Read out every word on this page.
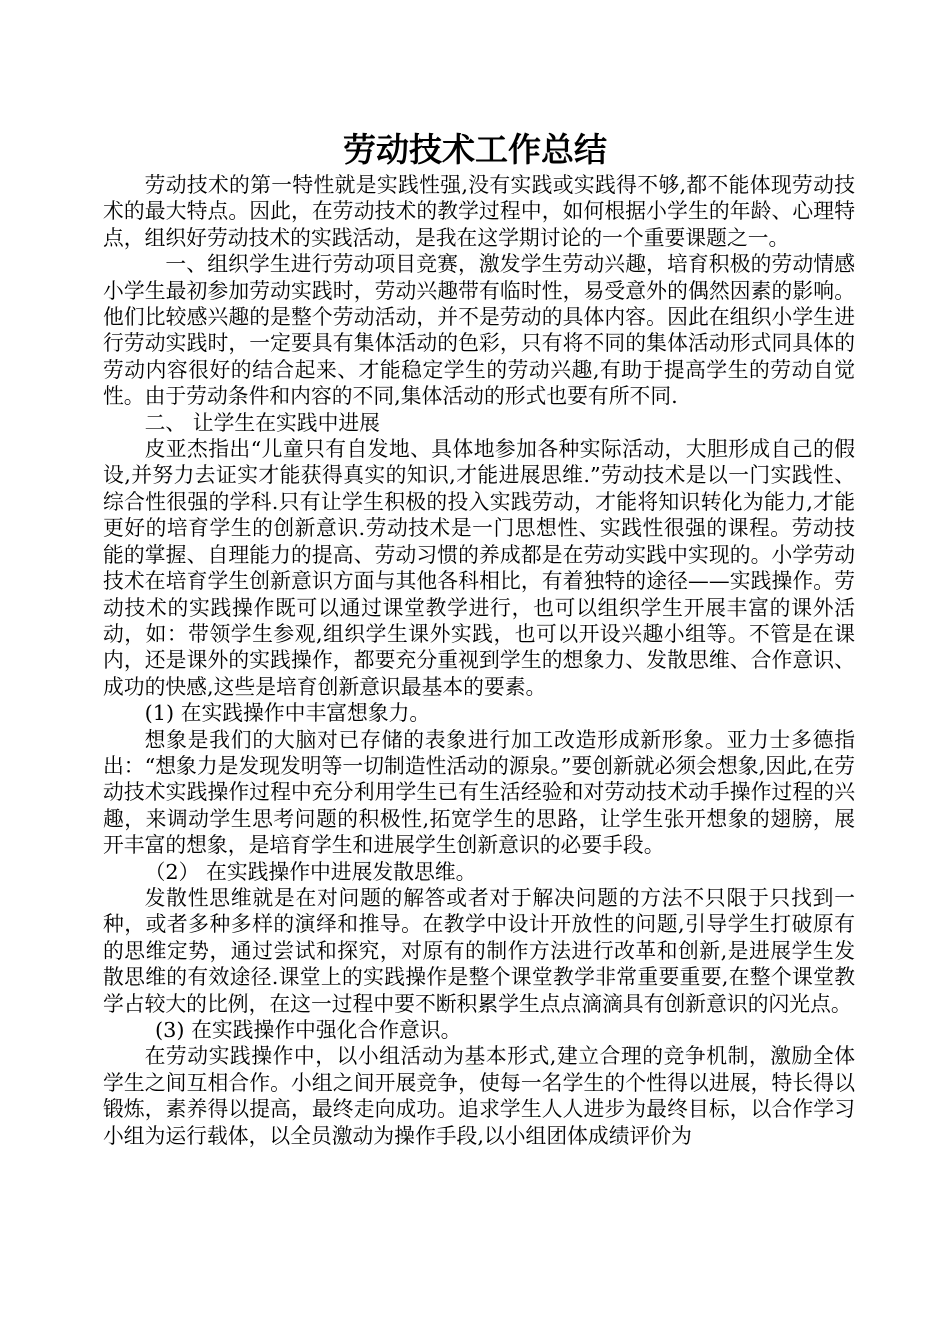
劳动技术工作总结

劳动技术的第一特性就是实践性强,没有实践或实践得不够,都不能体现劳动技术的最大特点。因此，在劳动技术的教学过程中，如何根据小学生的年龄、心理特点，组织好劳动技术的实践活动，是我在这学期讨论的一个重要课题之一。

一、组织学生进行劳动项目竞赛，激发学生劳动兴趣，培育积极的劳动情感小学生最初参加劳动实践时，劳动兴趣带有临时性，易受意外的偶然因素的影响。他们比较感兴趣的是整个劳动活动，并不是劳动的具体内容。因此在组织小学生进行劳动实践时，一定要具有集体活动的色彩，只有将不同的集体活动形式同具体的劳动内容很好的结合起来、才能稳定学生的劳动兴趣,有助于提高学生的劳动自觉性。由于劳动条件和内容的不同,集体活动的形式也要有所不同.

二、 让学生在实践中进展

皮亚杰指出“儿童只有自发地、具体地参加各种实际活动，大胆形成自己的假设,并努力去证实才能获得真实的知识,才能进展思维.”劳动技术是以一门实践性、综合性很强的学科.只有让学生积极的投入实践劳动，才能将知识转化为能力,才能更好的培育学生的创新意识.劳动技术是一门思想性、实践性很强的课程。劳动技能的掌握、自理能力的提高、劳动习惯的养成都是在劳动实践中实现的。小学劳动技术在培育学生创新意识方面与其他各科相比，有着独特的途径——实践操作。劳动技术的实践操作既可以通过课堂教学进行，也可以组织学生开展丰富的课外活动，如：带领学生参观,组织学生课外实践，也可以开设兴趣小组等。不管是在课内，还是课外的实践操作，都要充分重视到学生的想象力、发散思维、合作意识、成功的快感,这些是培育创新意识最基本的要素。

(1) 在实践操作中丰富想象力。

想象是我们的大脑对已存储的表象进行加工改造形成新形象。亚力士多德指出：“想象力是发现发明等一切制造性活动的源泉。”要创新就必须会想象,因此,在劳动技术实践操作过程中充分利用学生已有生活经验和对劳动技术动手操作过程的兴趣，来调动学生思考问题的积极性,拓宽学生的思路，让学生张开想象的翅膀，展开丰富的想象，是培育学生和进展学生创新意识的必要手段。

（2） 在实践操作中进展发散思维。

发散性思维就是在对问题的解答或者对于解决问题的方法不只限于只找到一种，或者多种多样的演绎和推导。在教学中设计开放性的问题,引导学生打破原有的思维定势，通过尝试和探究，对原有的制作方法进行改革和创新,是进展学生发散思维的有效途径.课堂上的实践操作是整个课堂教学非常重要重要,在整个课堂教学占较大的比例，在这一过程中要不断积累学生点点滴滴具有创新意识的闪光点。

(3) 在实践操作中强化合作意识。

在劳动实践操作中，以小组活动为基本形式,建立合理的竞争机制，激励全体学生之间互相合作。小组之间开展竞争，使每一名学生的个性得以进展，特长得以锻炼，素养得以提高，最终走向成功。追求学生人人进步为最终目标，以合作学习小组为运行载体，以全员激动为操作手段,以小组团体成绩评价为
